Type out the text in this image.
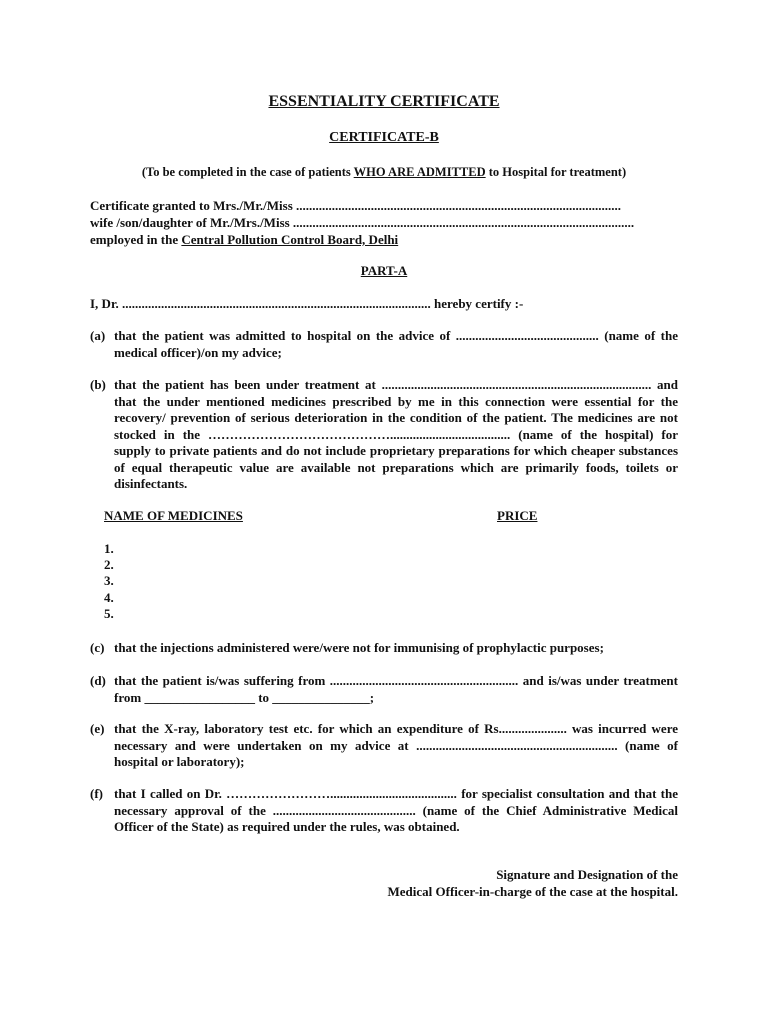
ESSENTIALITY CERTIFICATE
CERTIFICATE-B
(To be completed in the case of patients WHO ARE ADMITTED to Hospital for treatment)
Certificate granted to Mrs./Mr./Miss ....................................................................................................
wife /son/daughter of Mr./Mrs./Miss .........................................................................................................
employed in the Central Pollution Control Board, Delhi
PART-A
I, Dr. ............................................................................................... hereby certify :-
(a) that the patient was admitted to hospital on the advice of ............................................ (name of the medical officer)/on my advice;
(b) that the patient has been under treatment at ................................................................................... and that the under mentioned medicines prescribed by me in this connection were essential for the recovery/ prevention of serious deterioration in the condition of the patient. The medicines are not stocked in the ……………………………………..................................... (name of the hospital) for supply to private patients and do not include proprietary preparations for which cheaper substances of equal therapeutic value are available not preparations which are primarily foods, toilets or disinfectants.
NAME OF MEDICINES	PRICE
1.
2.
3.
4.
5.
(c) that the injections administered were/were not for immunising of prophylactic purposes;
(d) that the patient is/was suffering from .......................................................... and is/was under treatment from _________________ to _______________;
(e) that the X-ray, laboratory test etc. for which an expenditure of Rs..................... was incurred were necessary and were undertaken on my advice at .............................................................. (name of hospital or laboratory);
(f) that I called on Dr. ……………………....................................... for specialist consultation and that the necessary approval of the ............................................ (name of the Chief Administrative Medical Officer of the State) as required under the rules, was obtained.
Signature and Designation of the
Medical Officer-in-charge of the case at the hospital.
